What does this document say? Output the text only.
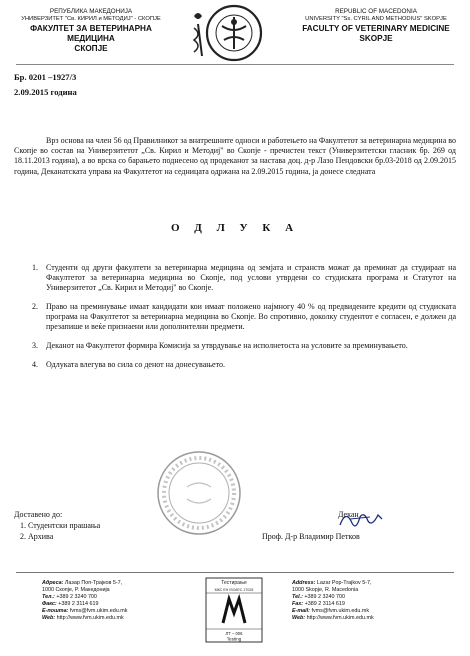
РЕПУБЛИКА МАКЕДОНИЈА
УНИВЕРЗИТЕТ "Св. КИРИЛ и МЕТОДИЈ" - СКОПЈЕ
ФАКУЛТЕТ ЗА ВЕТЕРИНАРНА МЕДИЦИНА
СКОПЈЕ
REPUBLIC OF MACEDONIA
UNIVERSITY "Ss. CYRIL AND METHODIUS" SKOPJE
FACULTY OF VETERINARY MEDICINE
SKOPJE
Бр. 0201 –1927/3
2.09.2015 година
Врз основа на член 56 од Правилникот за внатрешните односи и работењето на Факултетот за ветеринарна медицина во Скопје во состав на Универзитетот „Св. Кирил и Методиј" во Скопје - пречистен текст (Универзитетски гласник бр. 269 од 18.11.2013 година), а во врска со барањето поднесено од продеканот за настава доц. д-р Лазо Пендовски бр.03-2018 од 2.09.2015 година, Деканатската управа на Факултетот на седницата одржана на 2.09.2015 година, ја донесе следната
О Д Л У К А
1.	Студенти од други факултети за ветеринарна медицина од земјата и странств можат да преминат да студираат на Факултетот за ветеринарна медицина во Скопје, под услови утврдени со студиската програма и Статутот на Универзитетот „Св. Кирил и Методиј" во Скопје.
2.	Право на преминување имаат кандидати кои имаат положено најмногу 40 % од предвидените кредити од студиската програма на Факултетот за ветеринарна медицина во Скопје. Во спротивно, доколку студентот е согласен, е должен да презапише и веќе признаени или дополнителни предмети.
3.	Деканот на Факултетот формира Комисија за утврдување на исполнетоста на условите за преминувањето.
4.	Одлуката влегува во сила со денот на донесувањето.
Доставено до:
1. Студентски прашања
2. Архива
Декан
Проф. Д-р Владимир Петков
Адреса: Лазар Поп-Трајков 5-7,
1000 Скопје, Р. Македонија
Тел.: +389 2 3240 700
Факс: +389 2 3114 619
Е-пошта: fvms@fvm.ukim.edu.mk
Web: http://www.fvm.ukim.edu.mk
Тестирање
МКС ЕН ISO/IEC 17025
ЛТ – 006
Testing
Address: Lazar Pop-Trajkov 5-7,
1000 Skopje, R. Macedonia
Tel.: +389 2 3240 700
Fax: +389 2 3114 619
E-mail: fvms@fvm.ukim.edu.mk
Web: http://www.fvm.ukim.edu.mk
